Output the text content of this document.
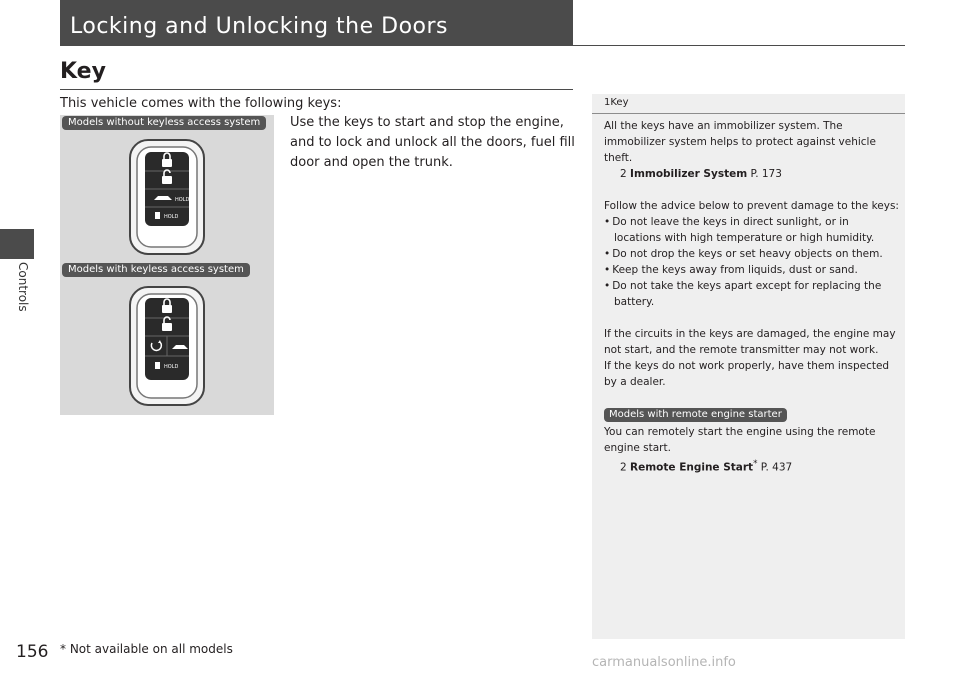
Controls
Locking and Unlocking the Doors
Key
This vehicle comes with the following keys:
Models without keyless access system
HOLD
HOLD
Models with keyless access system
HOLD
Use the keys to start and stop the engine, and to lock and unlock all the doors, fuel fill door and open the trunk.
1Key

All the keys have an immobilizer system. The immobilizer system helps to protect against vehicle theft.

2 Immobilizer System P. 173

Follow the advice below to prevent damage to the keys:

• Do not leave the keys in direct sunlight, or in

locations with high temperature or high humidity.

• Do not drop the keys or set heavy objects on them.

• Keep the keys away from liquids, dust or sand.

• Do not take the keys apart except for replacing the

battery.

If the circuits in the keys are damaged, the engine may not start, and the remote transmitter may not work.

If the keys do not work properly, have them inspected by a dealer.

Models with remote engine starter

You can remotely start the engine using the remote engine start.

2 Remote Engine Start* P. 437

156 * Not available on all models
carmanualsonline.info
